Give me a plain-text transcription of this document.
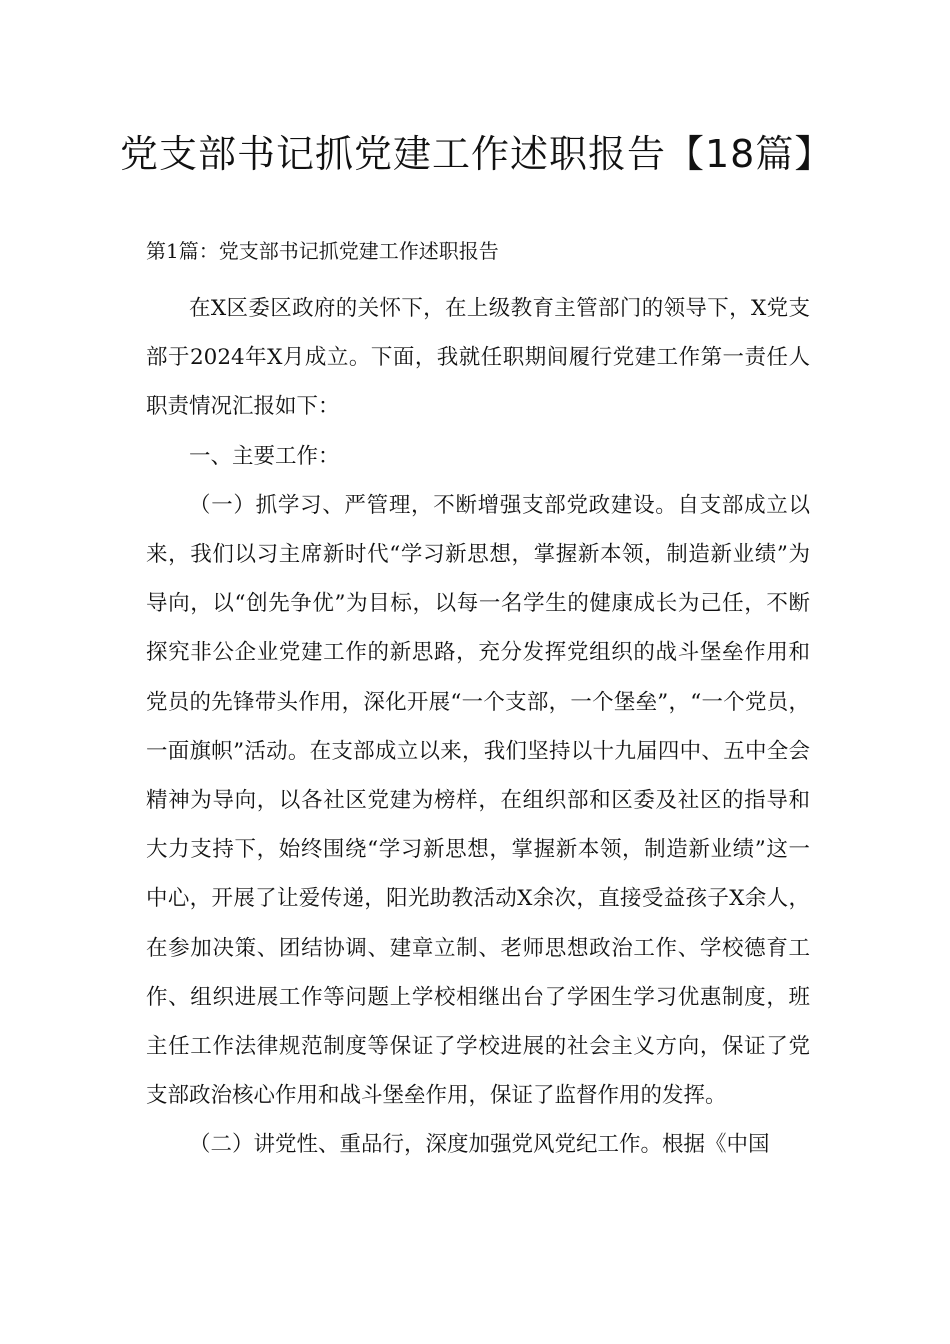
党支部书记抓党建工作述职报告【18篇】
第1篇：党支部书记抓党建工作述职报告

在X区委区政府的关怀下，在上级教育主管部门的领导下，X党支部于2024年X月成立。下面，我就任职期间履行党建工作第一责任人职责情况汇报如下：

一、主要工作：

（一）抓学习、严管理，不断增强支部党政建设。自支部成立以来，我们以习主席新时代“学习新思想，掌握新本领，制造新业绩”为导向，以“创先争优”为目标，以每一名学生的健康成长为己任，不断探究非公企业党建工作的新思路，充分发挥党组织的战斗堡垒作用和党员的先锋带头作用，深化开展“一个支部，一个堡垒”，“一个党员，一面旗帜”活动。在支部成立以来，我们坚持以十九届四中、五中全会精神为导向，以各社区党建为榜样，在组织部和区委及社区的指导和大力支持下，始终围绕“学习新思想，掌握新本领，制造新业绩”这一中心，开展了让爱传递，阳光助教活动X余次，直接受益孩子X余人，在参加决策、团结协调、建章立制、老师思想政治工作、学校德育工作、组织进展工作等问题上学校相继出台了学困生学习优惠制度，班主任工作法律规范制度等保证了学校进展的社会主义方向，保证了党支部政治核心作用和战斗堡垒作用，保证了监督作用的发挥。

（二）讲党性、重品行，深度加强党风党纪工作。根据《中国
